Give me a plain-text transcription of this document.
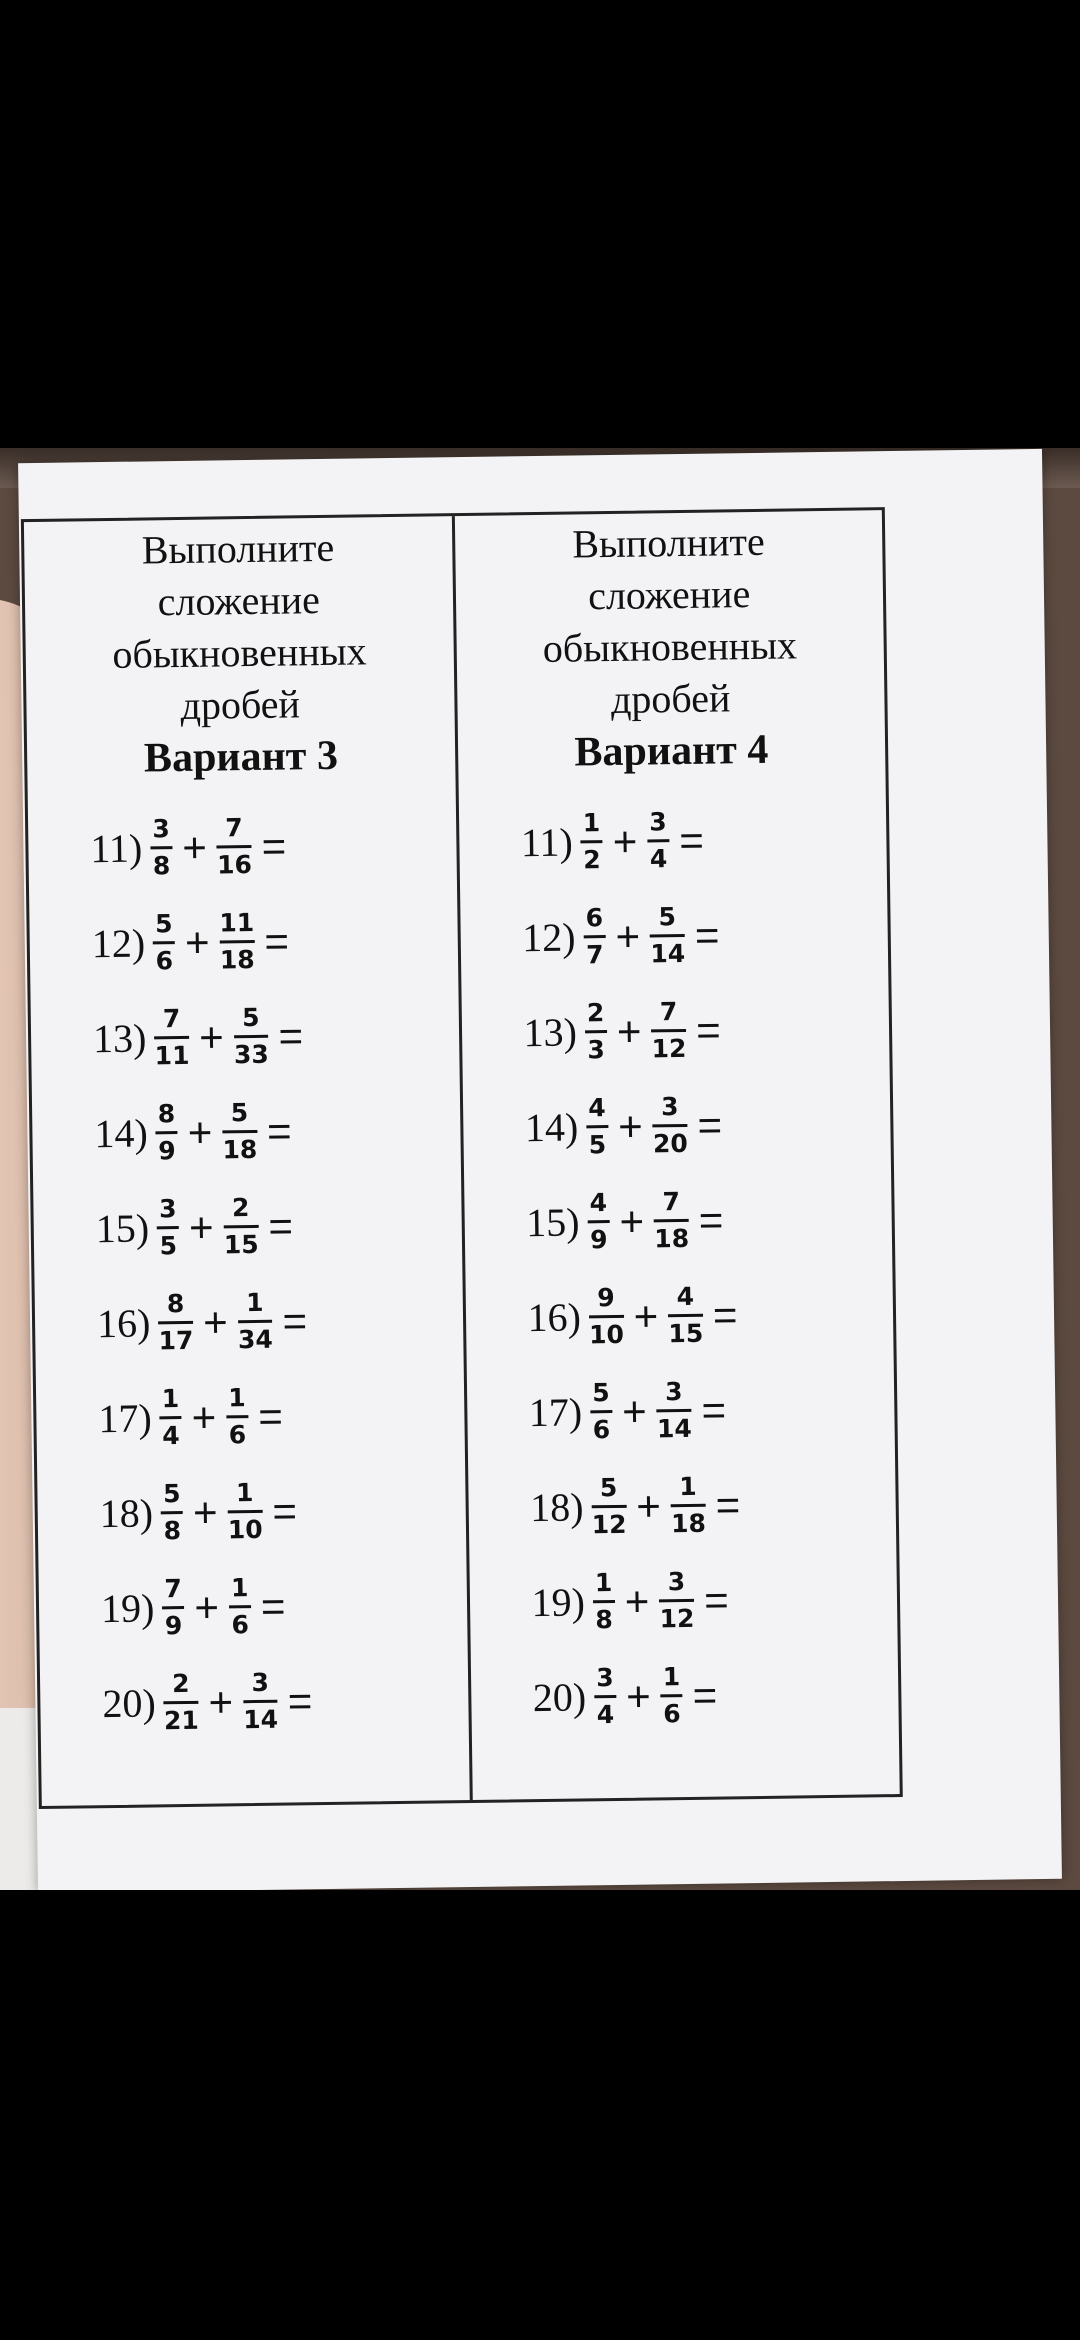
Выполните
сложение
обыкновенных
дробей
Вариант 3
$11) \frac{3}{8} + \frac{7}{16}$ =
$12) \frac{5}{6} + \frac{11}{18}$ =
$13) \frac{7}{11} + \frac{5}{33}$ =
$14) \frac{8}{9} + \frac{5}{18}$ =
$15) \frac{3}{5} + \frac{2}{15}$ =
$16) \frac{8}{17} + \frac{1}{34}$ =
$17) \frac{1}{4} + \frac{1}{6}$ =
$18) \frac{5}{8} + \frac{1}{10}$ =
$19) \frac{7}{9} + \frac{1}{6}$ =
$20) \frac{2}{21} + \frac{3}{14}$ =
Выполните
сложение
обыкновенных
дробей
Вариант 4
$11) \frac{1}{2} + \frac{3}{4}$ =
$12) \frac{6}{7} + \frac{5}{14}$ =
$13) \frac{2}{3} + \frac{7}{12}$ =
$14) \frac{4}{5} + \frac{3}{20}$ =
$15) \frac{4}{9} + \frac{7}{18}$ =
$16) \frac{9}{10} + \frac{4}{15}$ =
$17) \frac{5}{6} + \frac{3}{14}$ =
$18) \frac{5}{12} + \frac{1}{18}$ =
$19) \frac{1}{8} + \frac{3}{12}$ =
$20) \frac{3}{4} + \frac{1}{6}$ =
